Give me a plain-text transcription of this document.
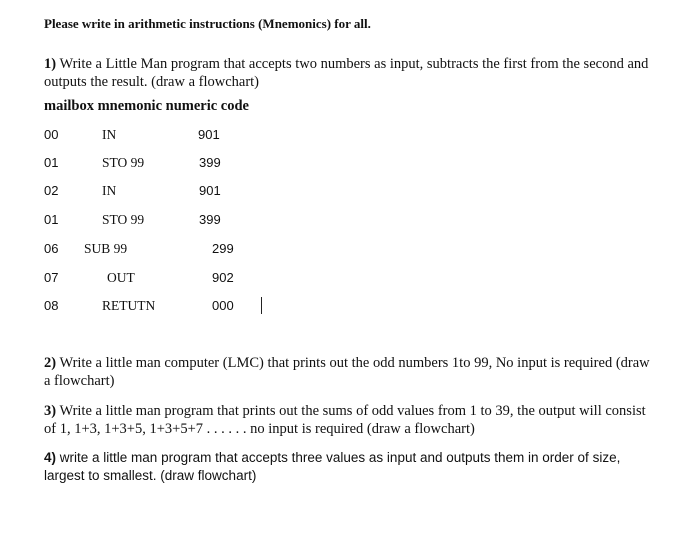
Please write in arithmetic instructions (Mnemonics) for all.
1) Write a Little Man program that accepts two numbers as input, subtracts the first from the second and outputs the result. (draw a flowchart)
mailbox mnemonic numeric code
00	IN	901
01	STO 99	399
02	IN	901
01	STO 99	399
06 SUB 99	299
07	OUT	902
08	RETUTN	000
2) Write a little man computer (LMC) that prints out the odd numbers 1to 99, No input is required (draw a flowchart)
3) Write a little man program that prints out the sums of odd values from 1 to 39, the output will consist of 1, 1+3, 1+3+5, 1+3+5+7 . . . . . . no input is required (draw a flowchart)
4) write a little man program that accepts three values as input and outputs them in order of size, largest to smallest. (draw flowchart)
